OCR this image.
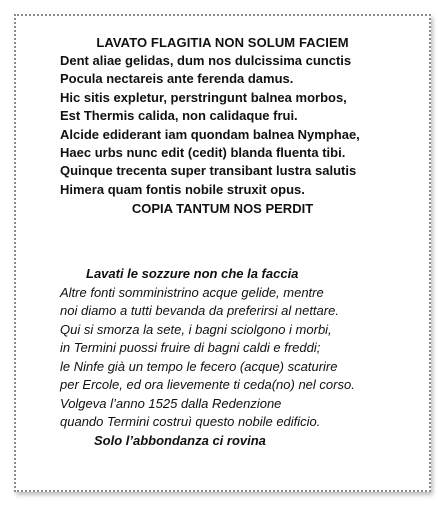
LAVATO FLAGITIA NON SOLUM FACIEM
Dent aliae gelidas, dum nos dulcissima cunctis
Pocula nectareis ante ferenda damus.
Hic sitis expletur, perstringunt balnea morbos,
Est Thermis calida, non calidaque frui.
Alcide ediderant iam quondam balnea Nymphae,
Haec urbs nunc edit (cedit) blanda fluenta tibi.
Quinque trecenta super transibant lustra salutis
Himera quam fontis nobile struxit opus.
COPIA TANTUM NOS PERDIT
Lavati le sozzure non che la faccia
Altre fonti somministrino acque gelide, mentre
noi diamo a tutti bevanda da preferirsi al nettare.
Qui si smorza la sete, i bagni sciolgono i morbi,
in Termini puossi fruire di bagni caldi e freddi;
le Ninfe già un tempo le fecero (acque) scaturire
per Ercole, ed ora lievemente ti ceda(no) nel corso.
Volgeva l’anno 1525 dalla Redenzione
quando Termini costruì questo nobile edificio.
Solo l’abbondanza ci rovina
